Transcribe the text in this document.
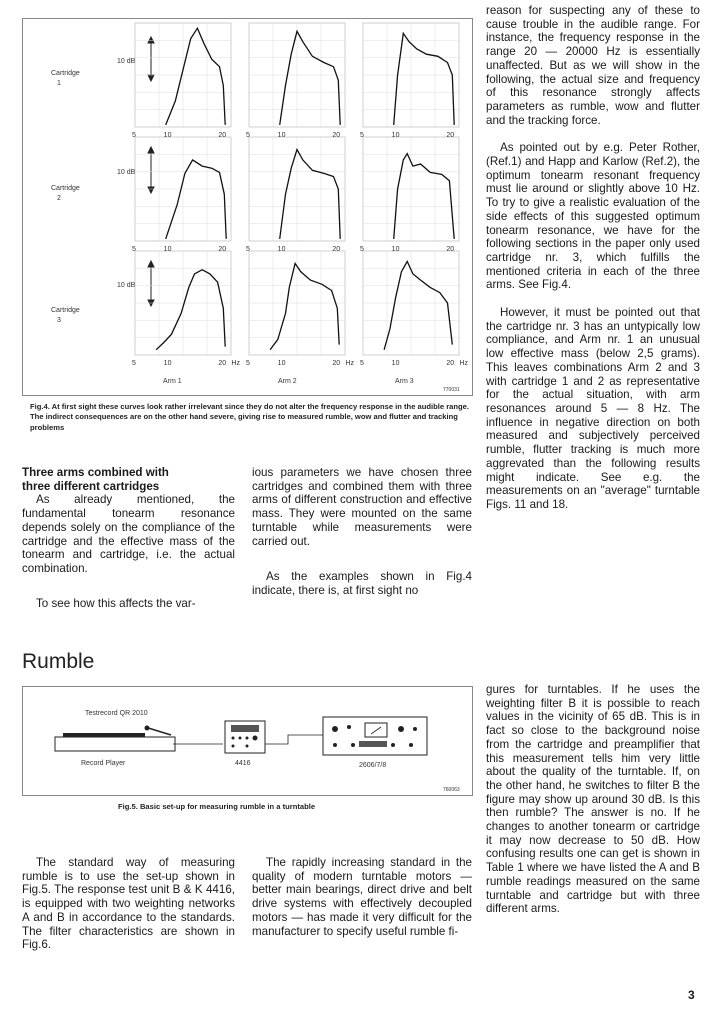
Cartridge
1
Cartridge
2
Cartridge
3
10 dB
10 dB
10 dB
5	10	20	5	10	20	5	10	20
5	10	20	5	10	20	5	10	20
5	10	20 Hz 5	10	20 Hz 5	10	20 Hz
Arm 1	Arm 2	Arm 3
770031
Fig.4. At first sight these curves look rather irrelevant since they do not alter the frequency response in the audible range. The indirect consequences are on the other hand severe, giving rise to measured rumble, wow and flutter and tracking problems
Three arms combined with
three different cartridges

As already mentioned, the fundamental tonearm resonance depends solely on the compliance of the cartridge and the effective mass of the tonearm and cartridge, i.e. the actual combination.

To see how this affects the var-

ious parameters we have chosen three cartridges and combined them with three arms of different construction and effective mass. They were mounted on the same turntable while measurements were carried out.

As the examples shown in Fig.4 indicate, there is, at first sight no

reason for suspecting any of these to cause trouble in the audible range. For instance, the frequency response in the range 20 — 20000 Hz is essentially unaffected. But as we will show in the following, the actual size and frequency of this resonance strongly affects parameters as rumble, wow and flutter and the tracking force.

As pointed out by e.g. Peter Rother, (Ref.1) and Happ and Karlow (Ref.2), the optimum tonearm resonant frequency must lie around or slightly above 10 Hz. To try to give a realistic evaluation of the side effects of this suggested optimum tonearm resonance, we have for the following sections in the paper only used cartridge nr. 3, which fulfills the mentioned criteria in each of the three arms. See Fig.4.

However, it must be pointed out that the cartridge nr. 3 has an untypically low compliance, and Arm nr. 1 an unusual low effective mass (below 2,5 grams). This leaves combinations Arm 2 and 3 with cartridge 1 and 2 as representative for the actual situation, with arm resonances around 5 — 8 Hz. The influence in negative direction on both measured and subjectively perceived rumble, flutter tracking is much more aggrevated than the following results might indicate. See e.g. the measurements on an "average" turntable Figs. 11 and 18.

Rumble
Testrecord QR 2010
Record Player	4416	2606/7/8
760063
Fig.5. Basic set-up for measuring rumble in a turntable

The standard way of measuring rumble is to use the set-up shown in Fig.5. The response test unit B & K 4416, is equipped with two weighting networks A and B in accordance to the standards. The filter characteristics are shown in Fig.6.

The rapidly increasing standard in the quality of modern turntable motors — better main bearings, direct drive and belt drive systems with effectively decoupled motors — has made it very difficult for the manufacturer to specify useful rumble fi-

gures for turntables. If he uses the weighting filter B it is possible to reach values in the vicinity of 65 dB. This is in fact so close to the background noise from the cartridge and preamplifier that this measurement tells him very little about the quality of the turntable. If, on the other hand, he switches to filter B the figure may show up around 30 dB. Is this then rumble? The answer is no. If he changes to another tonearm or cartridge it may now decrease to 50 dB. How confusing results one can get is shown in Table 1 where we have listed the A and B rumble readings measured on the same turntable and cartridge but with three different arms.

3
